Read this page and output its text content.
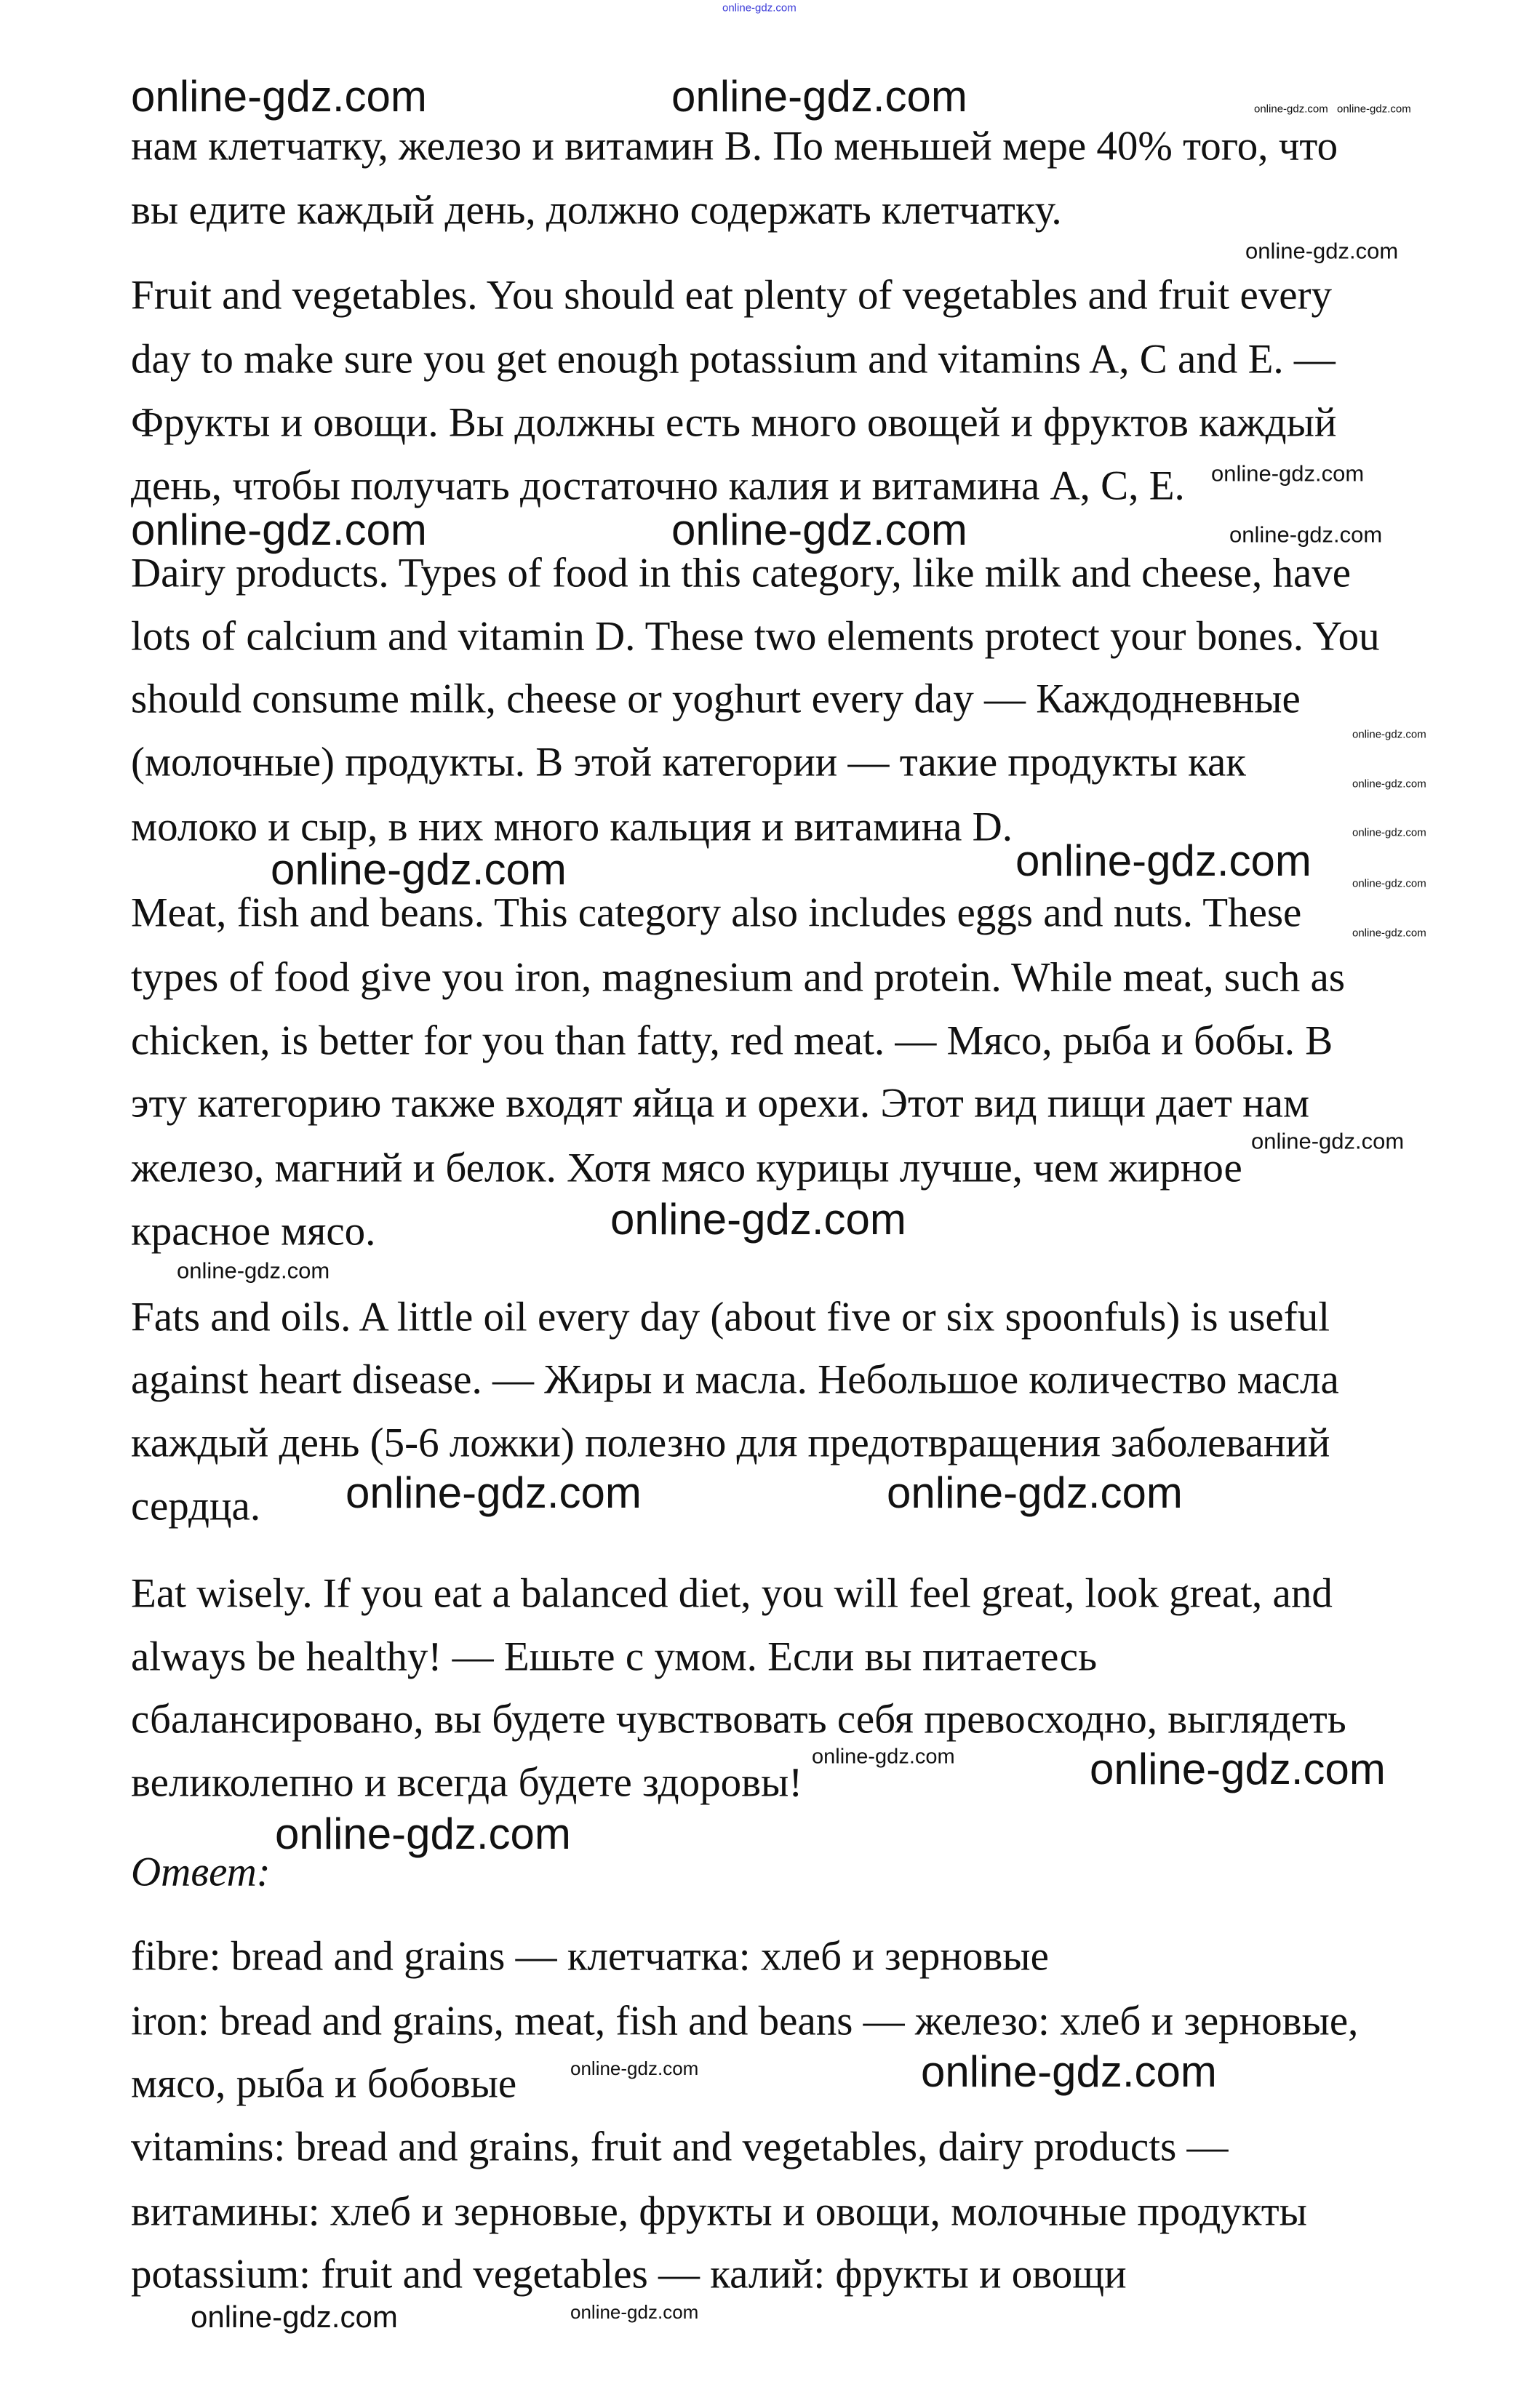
нам клетчатку, железо и витамин B. По меньшей мере 40% того, что
вы едите каждый день, должно содержать клетчатку.
Fruit and vegetables. You should eat plenty of vegetables and fruit every
day to make sure you get enough potassium and vitamins A, C and E. —
Фрукты и овощи. Вы должны есть много овощей и фруктов каждый
день, чтобы получать достаточно калия и витамина A, C, E.
Dairy products. Types of food in this category, like milk and cheese, have
lots of calcium and vitamin D. These two elements protect your bones. You
should consume milk, cheese or yoghurt every day — Каждодневные
(молочные) продукты. В этой категории — такие продукты как
молоко и сыр, в них много кальция и витамина D.
Meat, fish and beans. This category also includes eggs and nuts. These
types of food give you iron, magnesium and protein. While meat, such as
chicken, is better for you than fatty, red meat. — Мясо, рыба и бобы. В
эту категорию также входят яйца и орехи. Этот вид пищи дает нам
железо, магний и белок. Хотя мясо курицы лучше, чем жирное
красное мясо.
Fats and oils. A little oil every day (about five or six spoonfuls) is useful
against heart disease. — Жиры и масла. Небольшое количество масла
каждый день (5-6 ложки) полезно для предотвращения заболеваний
сердца.
Eat wisely. If you eat a balanced diet, you will feel great, look great, and
always be healthy! — Ешьте с умом. Если вы питаетесь
сбалансировано, вы будете чувствовать себя превосходно, выглядеть
великолепно и всегда будете здоровы!
Ответ:
fibre: bread and grains — клетчатка: хлеб и зерновые
iron: bread and grains, meat, fish and beans — железо: хлеб и зерновые,
мясо, рыба и бобовые
vitamins: bread and grains, fruit and vegetables, dairy products —
витамины: хлеб и зерновые, фрукты и овощи, молочные продукты
potassium: fruit and vegetables — калий: фрукты и овощи
online-gdz.com
online-gdz.com online-gdz.com
online-gdz.com	online-gdz.com
online-gdz.com
online-gdz.com
online-gdz.com	online-gdz.com	online-gdz.com
online-gdz.com
online-gdz.com
online-gdz.com
online-gdz.com
online-gdz.com
online-gdz.com	online-gdz.com
online-gdz.com
online-gdz.com
online-gdz.com
online-gdz.com	online-gdz.com
online-gdz.com	online-gdz.com
online-gdz.com
online-gdz.com
online-gdz.com
online-gdz.com	online-gdz.com
